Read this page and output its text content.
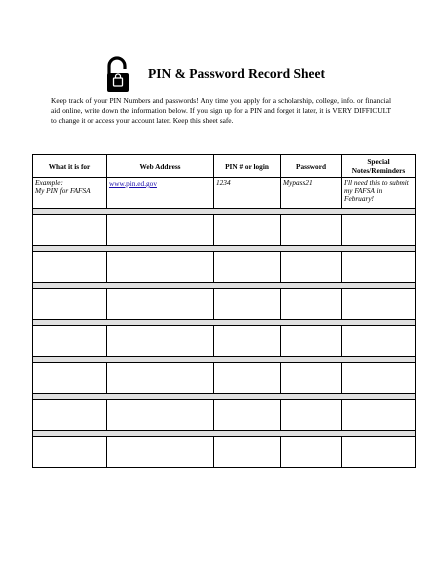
PIN & Password Record Sheet

Keep track of your PIN Numbers and passwords! Any time you apply for a scholarship, college, info. or financial aid online, write down the information below. If you sign up for a PIN and forget it later, it is VERY DIFFICULT to change it or access your account later. Keep this sheet safe.

What it is for	Web Address	PIN # or login	Password	Special Notes/Reminders

Example:
My PIN for FAFSA	www.pin.ed.gov	1234	Mypass21	I'll need this to submit my FAFSA in February!
